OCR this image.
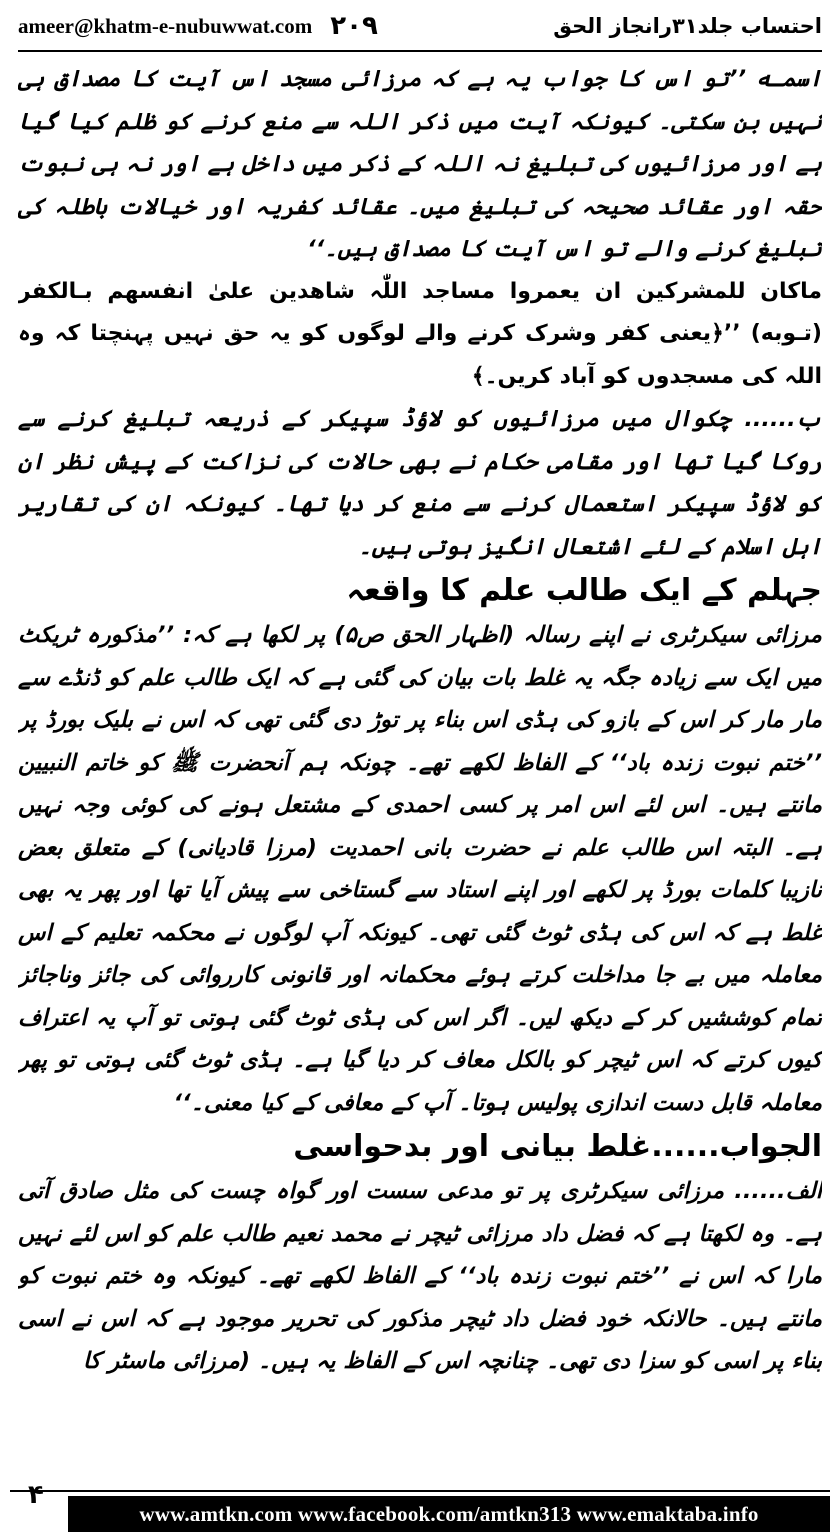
ameer@khatm-e-nubuwwat.com ۲۰۹	احتساب جلد۳۱رانجاز الحق

اسمـه ’’تو اس کا جواب یہ ہے کہ مرزائی مسجد اس آیت کا مصداق ہی نہیں بن سکتی۔ کیونکہ آیت میں ذکر اللہ سے منع کرنے کو ظلم کیا گیا ہے اور مرزائیوں کی تبلیغ نہ اللہ کے ذکر میں داخل ہے اور نہ ہی نبوت حقہ اور عقائد صحیحہ کی تبلیغ میں۔ عقائد کفریہ اور خیالات باطلہ کی تبلیغ کرنے والے تو اس آیت کا مصداق ہیں۔‘‘

ماکان للمشرکین ان یعمروا مساجد اللّٰہ شاھدین علیٰ انفسھم بـالکفر (تـوبه) ’’﴿یعنی کفر وشرک کرنے والے لوگوں کو یہ حق نہیں پہنچتا کہ وہ اللہ کی مسجدوں کو آباد کریں۔﴾

ب...... چکوال میں مرزائیوں کو لاؤڈ سپیکر کے ذریعہ تبلیغ کرنے سے روکا گیا تھا اور مقامی حکام نے بھی حالات کی نزاکت کے پیش نظر ان کو لاؤڈ سپیکر استعمال کرنے سے منع کر دیا تھا۔ کیونکہ ان کی تقاریر اہل اسلام کے لئے اشتعال انگیز ہوتی ہیں۔

جہلم کے ایک طالب علم کا واقعہ

مرزائی سیکرٹری نے اپنے رسالہ (اظہار الحق ص۵) پر لکھا ہے کہ: ’’مذکورہ ٹریکٹ میں ایک سے زیادہ جگہ یہ غلط بات بیان کی گئی ہے کہ ایک طالب علم کو ڈنڈے سے مار مار کر اس کے بازو کی ہڈی اس بناء پر توڑ دی گئی تھی کہ اس نے بلیک بورڈ پر ’’ختم نبوت زندہ باد‘‘ کے الفاظ لکھے تھے۔ چونکہ ہم آنحضرت ﷺ کو خاتم النبیین مانتے ہیں۔ اس لئے اس امر پر کسی احمدی کے مشتعل ہونے کی کوئی وجہ نہیں ہے۔ البتہ اس طالب علم نے حضرت بانی احمدیت (مرزا قادیانی) کے متعلق بعض نازیبا کلمات بورڈ پر لکھے اور اپنے استاد سے گستاخی سے پیش آیا تھا اور پھر یہ بھی غلط ہے کہ اس کی ہڈی ٹوٹ گئی تھی۔ کیونکہ آپ لوگوں نے محکمہ تعلیم کے اس معاملہ میں بے جا مداخلت کرتے ہوئے محکمانہ اور قانونی کارروائی کی جائز وناجائز تمام کوششیں کر کے دیکھ لیں۔ اگر اس کی ہڈی ٹوٹ گئی ہوتی تو آپ یہ اعتراف کیوں کرتے کہ اس ٹیچر کو بالکل معاف کر دیا گیا ہے۔ ہڈی ٹوٹ گئی ہوتی تو پھر معاملہ قابل دست اندازی پولیس ہوتا۔ آپ کے معافی کے کیا معنی۔‘‘

الجواب......غلط بیانی اور بدحواسی

الف...... مرزائی سیکرٹری پر تو مدعی سست اور گواہ چست کی مثل صادق آتی ہے۔ وہ لکھتا ہے کہ فضل داد مرزائی ٹیچر نے محمد نعیم طالب علم کو اس لئے نہیں مارا کہ اس نے ’’ختم نبوت زندہ باد‘‘ کے الفاظ لکھے تھے۔ کیونکہ وہ ختم نبوت کو مانتے ہیں۔ حالانکہ خود فضل داد ٹیچر مذکور کی تحریر موجود ہے کہ اس نے اسی بناء پر اسی کو سزا دی تھی۔ چنانچہ اس کے الفاظ یہ ہیں۔ (مرزائی ماسٹر کا

۴
www.amtkn.com www.facebook.com/amtkn313 www.emaktaba.info
